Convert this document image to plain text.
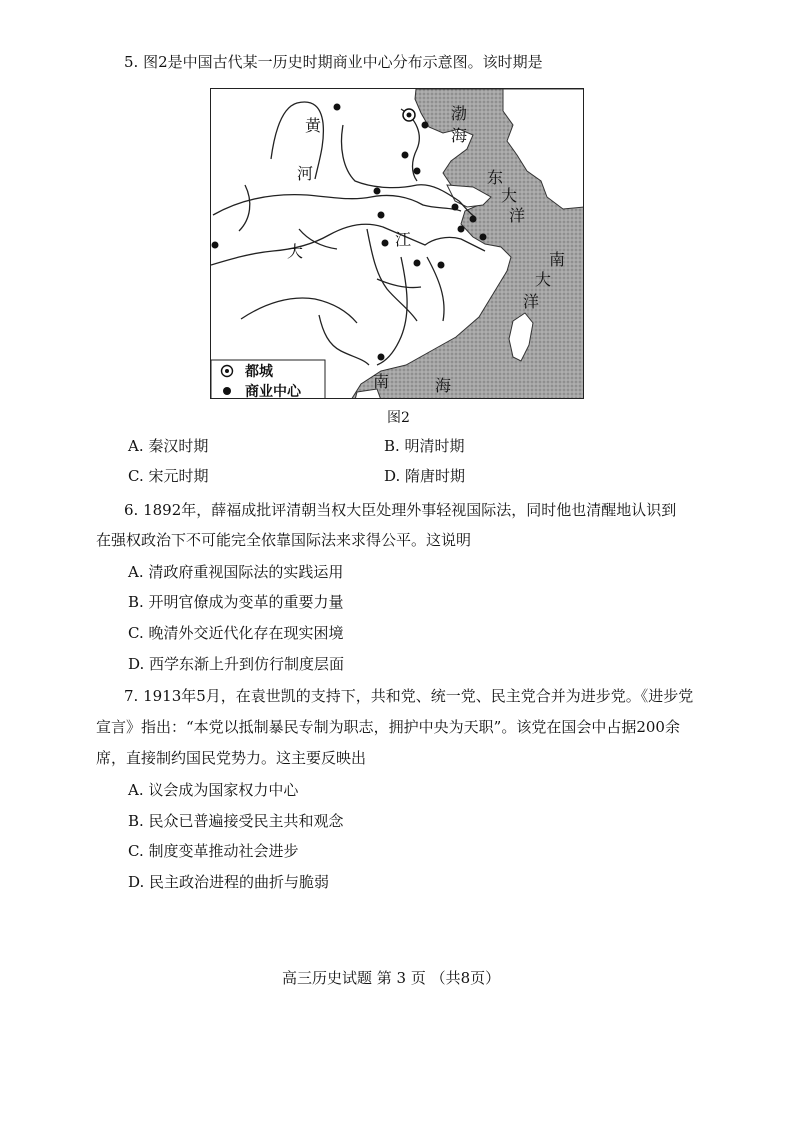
5. 图2是中国古代某一历史时期商业中心分布示意图。该时期是
黄
河
大
江
渤
海
东
大
洋
南
大
洋
南	海
都城
商业中心
图2
A. 秦汉时期	B. 明清时期
C. 宋元时期	D. 隋唐时期
6. 1892年，薛福成批评清朝当权大臣处理外事轻视国际法，同时他也清醒地认识到
在强权政治下不可能完全依靠国际法来求得公平。这说明
A. 清政府重视国际法的实践运用
B. 开明官僚成为变革的重要力量
C. 晚清外交近代化存在现实困境
D. 西学东渐上升到仿行制度层面
7. 1913年5月，在袁世凯的支持下，共和党、统一党、民主党合并为进步党。《进步党
宣言》指出：“本党以抵制暴民专制为职志，拥护中央为天职”。该党在国会中占据200余
席，直接制约国民党势力。这主要反映出
A. 议会成为国家权力中心
B. 民众已普遍接受民主共和观念
C. 制度变革推动社会进步
D. 民主政治进程的曲折与脆弱
高三历史试题 第 3 页 （共8页）
